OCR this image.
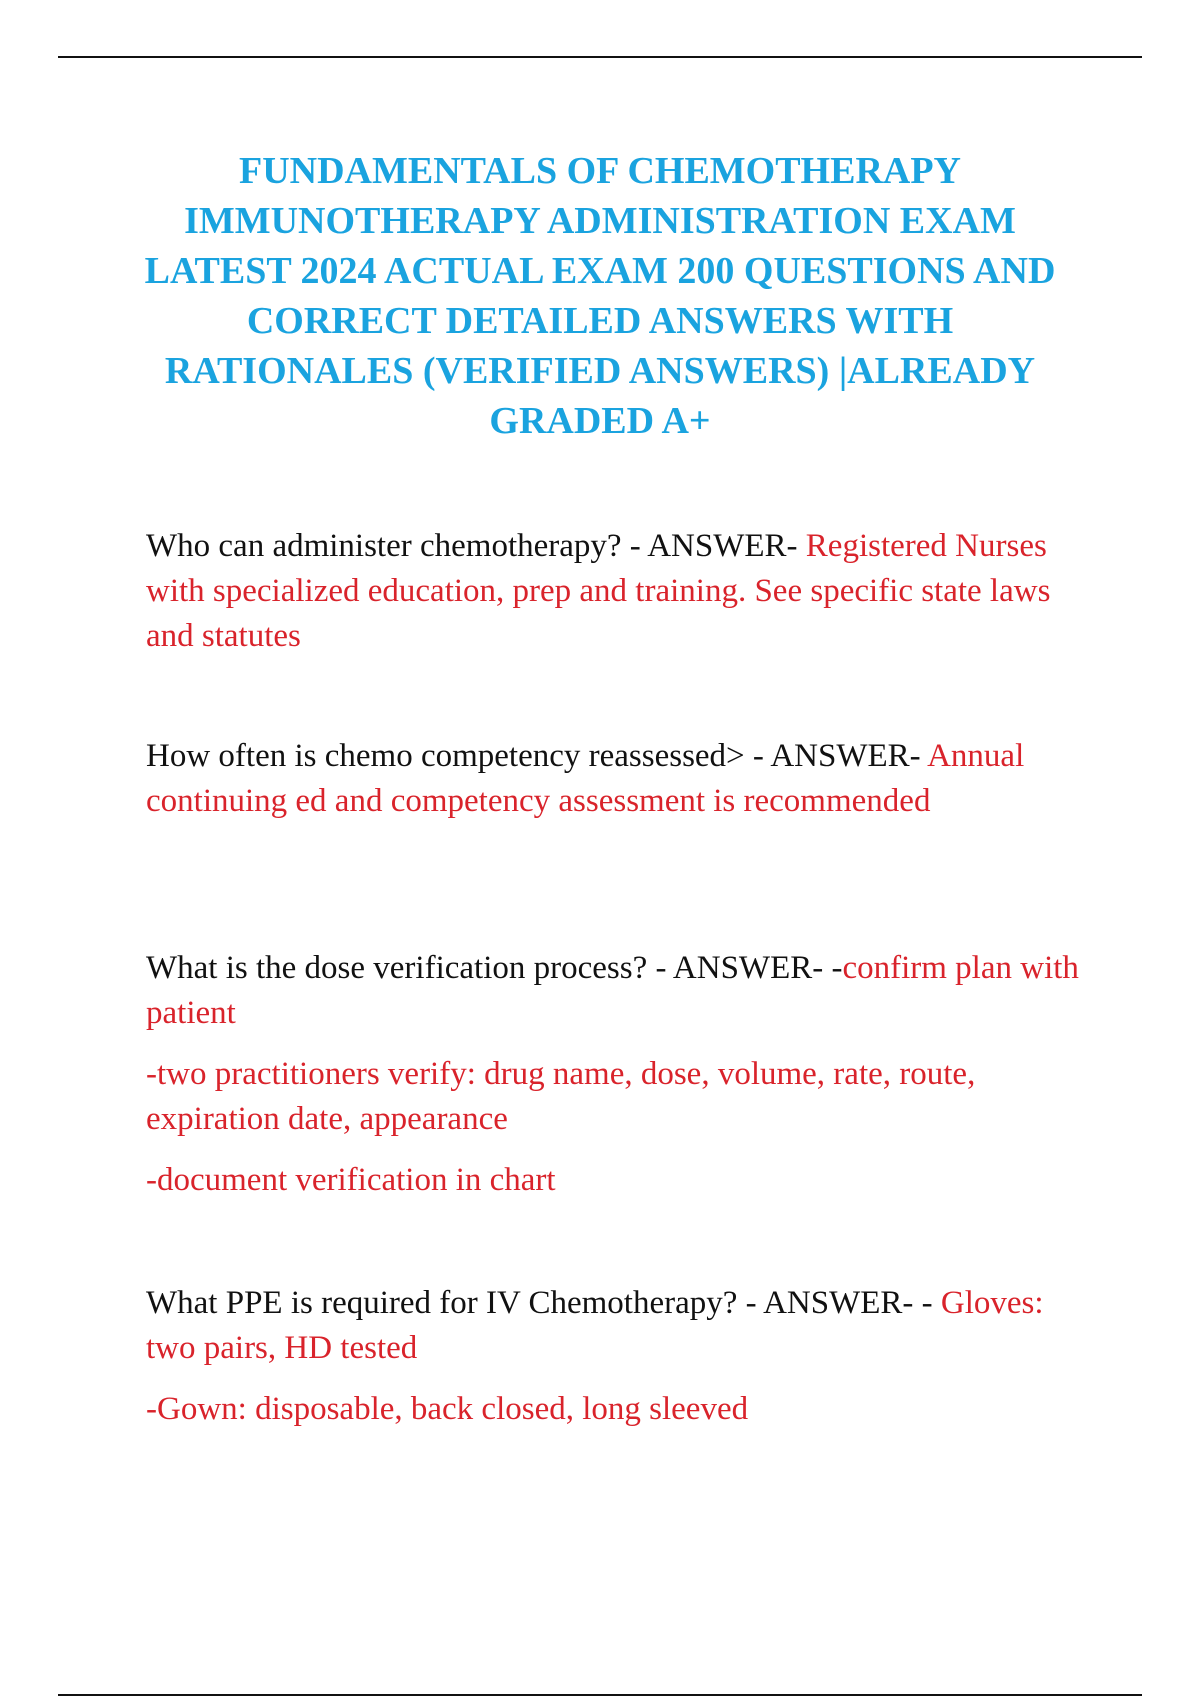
FUNDAMENTALS OF CHEMOTHERAPY IMMUNOTHERAPY ADMINISTRATION EXAM LATEST 2024 ACTUAL EXAM 200 QUESTIONS AND CORRECT DETAILED ANSWERS WITH RATIONALES (VERIFIED ANSWERS) |ALREADY GRADED A+

Who can administer chemotherapy? - ANSWER- Registered Nurses with specialized education, prep and training. See specific state laws and statutes

How often is chemo competency reassessed> - ANSWER- Annual continuing ed and competency assessment is recommended

What is the dose verification process? - ANSWER- -confirm plan with patient

-two practitioners verify: drug name, dose, volume, rate, route, expiration date, appearance

-document verification in chart

What PPE is required for IV Chemotherapy? - ANSWER- - Gloves: two pairs, HD tested

-Gown: disposable, back closed, long sleeved
